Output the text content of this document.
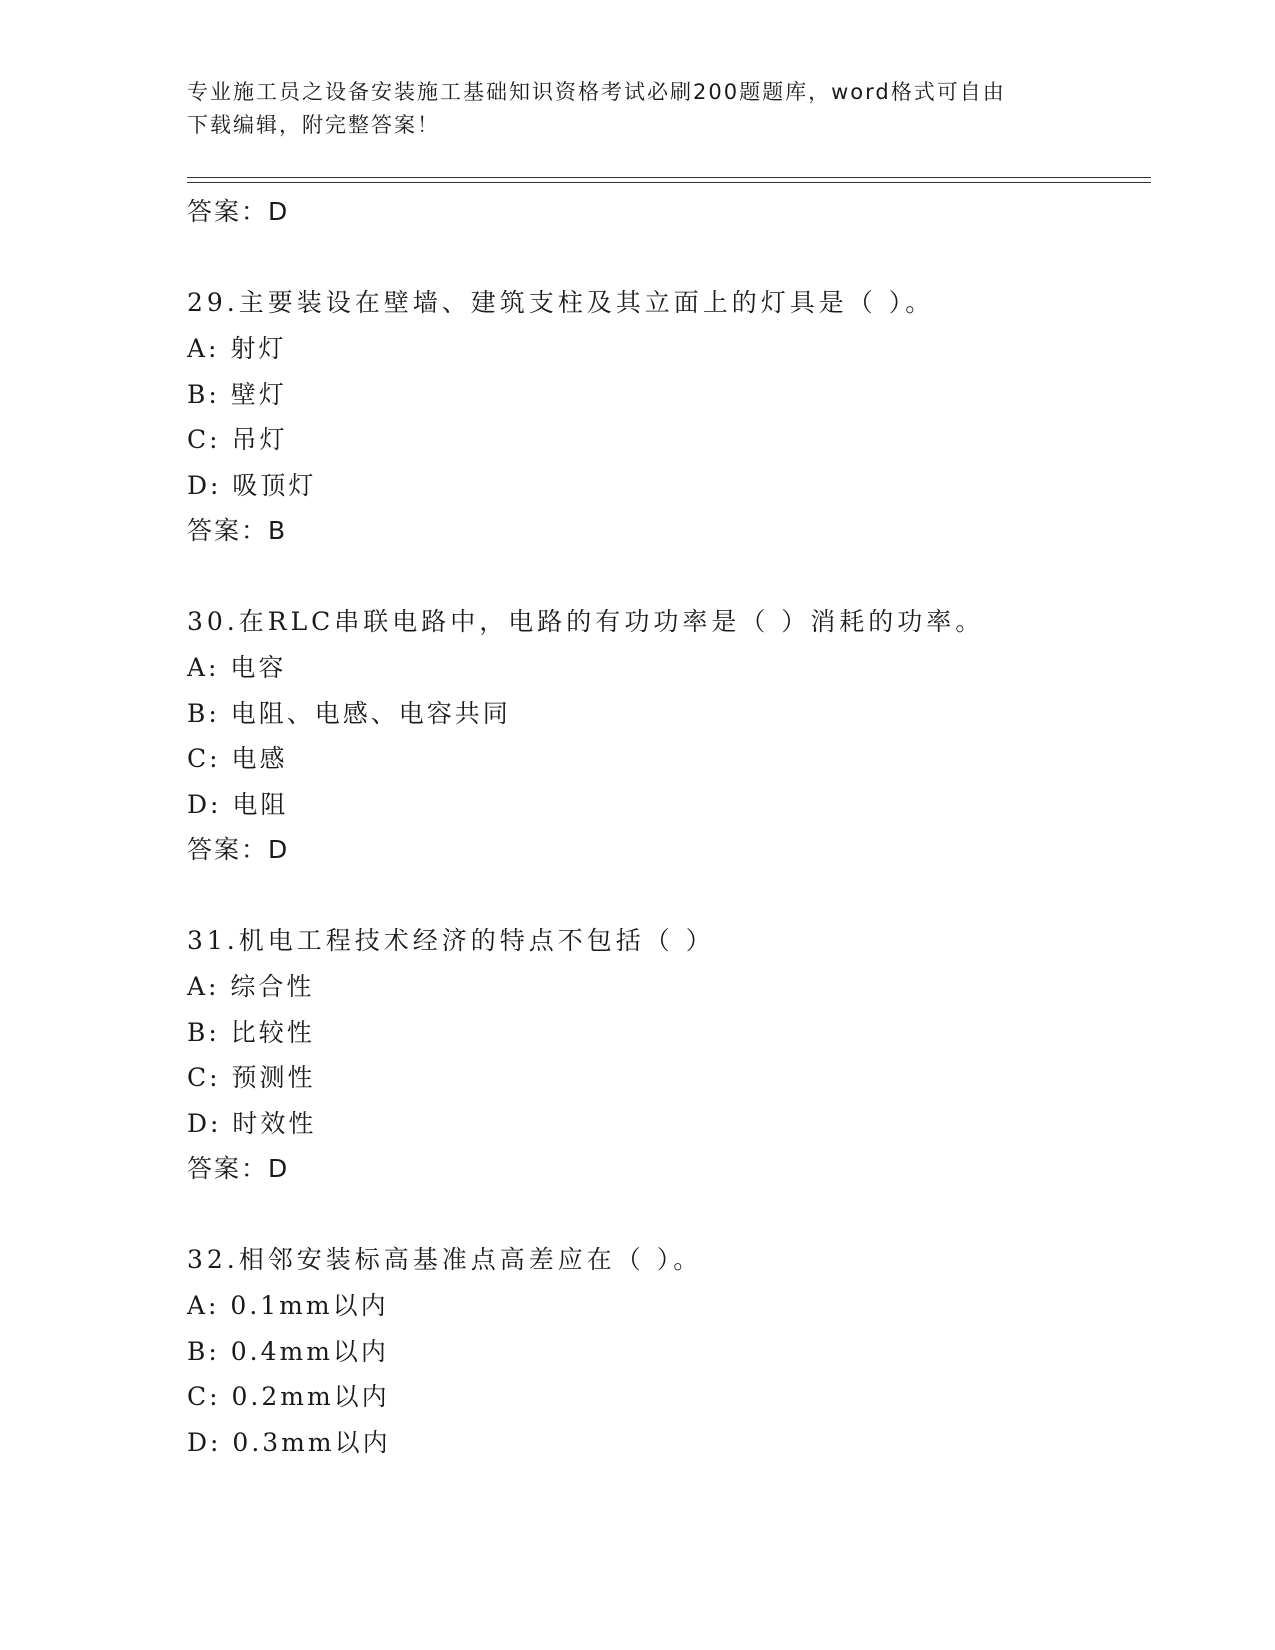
专业施工员之设备安装施工基础知识资格考试必刷200题题库，word格式可自由
下载编辑，附完整答案！
答案：D
29.主要装设在壁墙、建筑支柱及其立面上的灯具是（ ）。
A: 射灯
B: 壁灯
C: 吊灯
D: 吸顶灯
答案：B
30.在RLC串联电路中，电路的有功功率是（ ）消耗的功率。
A: 电容
B: 电阻、电感、电容共同
C: 电感
D: 电阻
答案：D
31.机电工程技术经济的特点不包括（ ）
A: 综合性
B: 比较性
C: 预测性
D: 时效性
答案：D
32.相邻安装标高基准点高差应在（ ）。
A: 0.1mm以内
B: 0.4mm以内
C: 0.2mm以内
D: 0.3mm以内
